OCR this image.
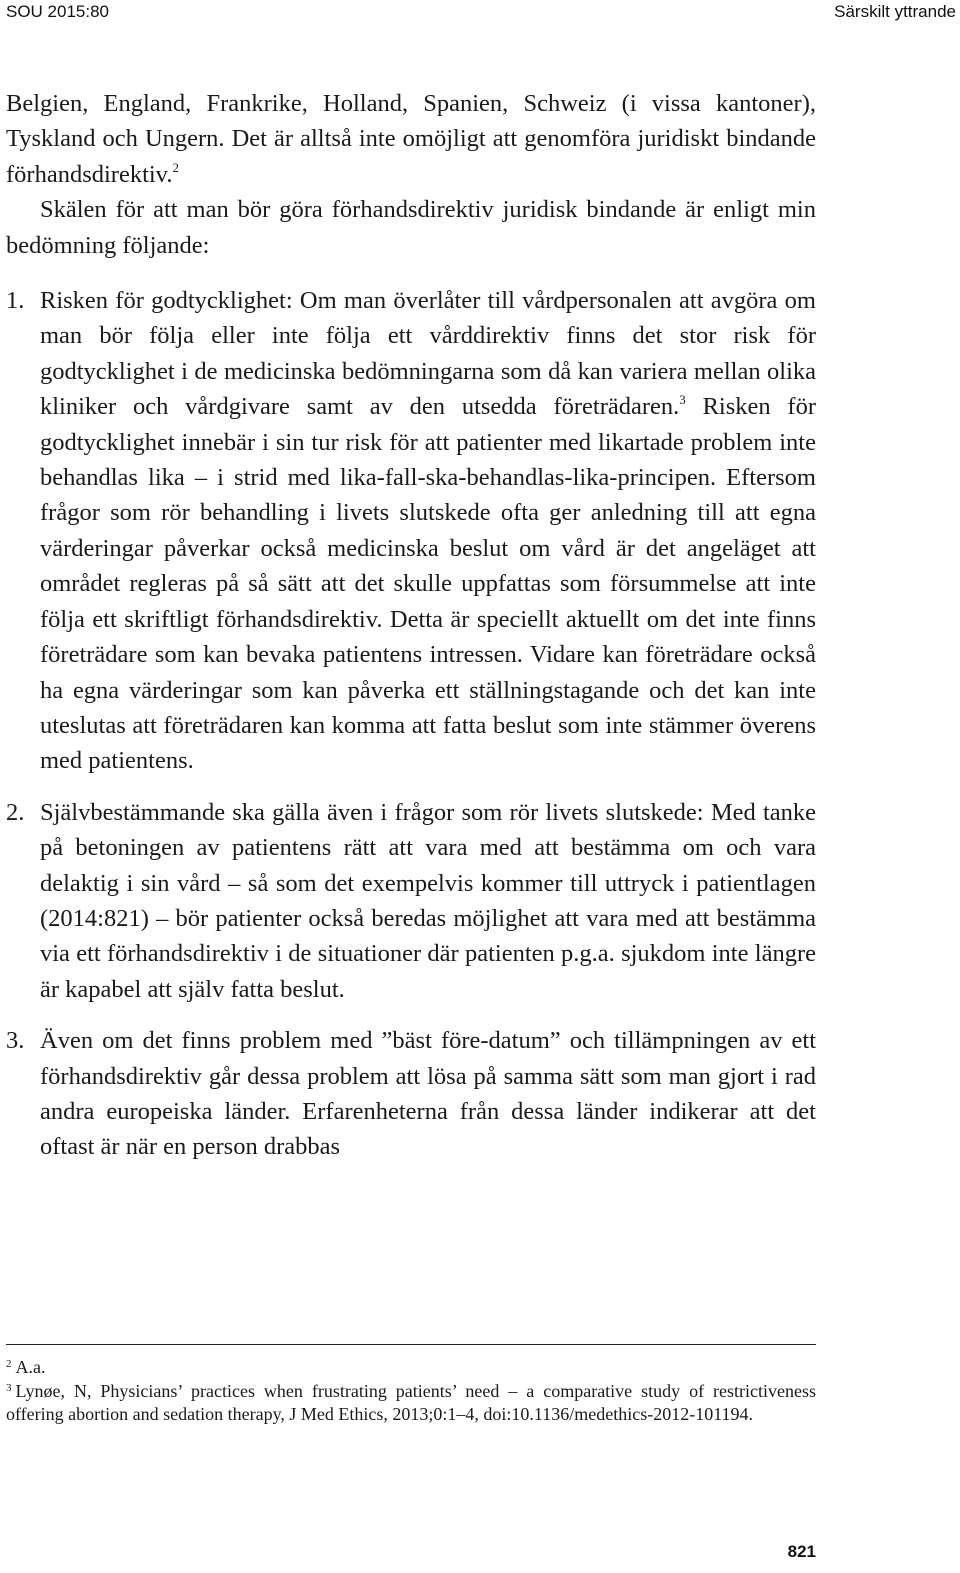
SOU 2015:80	Särskilt yttrande

Belgien, England, Frankrike, Holland, Spanien, Schweiz (i vissa kantoner), Tyskland och Ungern. Det är alltså inte omöjligt att genomföra juridiskt bindande förhandsdirektiv.$^2$

Skälen för att man bör göra förhandsdirektiv juridisk bindande är enligt min bedömning följande:

1. Risken för godtycklighet: Om man överlåter till vårdpersonalen att avgöra om man bör följa eller inte följa ett vårddirektiv finns det stor risk för godtycklighet i de medicinska bedömningarna som då kan variera mellan olika kliniker och vårdgivare samt av den utsedda företrädaren.$^3$ Risken för godtycklighet innebär i sin tur risk för att patienter med likartade problem inte behandlas lika – i strid med lika-fall-ska-behandlas-lika-principen. Eftersom frågor som rör behandling i livets slutskede ofta ger anledning till att egna värderingar påverkar också medicinska beslut om vård är det angeläget att området regleras på så sätt att det skulle uppfattas som försummelse att inte följa ett skriftligt förhandsdirektiv. Detta är speciellt aktuellt om det inte finns företrädare som kan bevaka patientens intressen. Vidare kan företrädare också ha egna värderingar som kan påverka ett ställningstagande och det kan inte uteslutas att företrädaren kan komma att fatta beslut som inte stämmer överens med patientens.
2. Självbestämmande ska gälla även i frågor som rör livets slutskede: Med tanke på betoningen av patientens rätt att vara med att bestämma om och vara delaktig i sin vård – så som det exempelvis kommer till uttryck i patientlagen (2014:821) – bör patienter också beredas möjlighet att vara med att bestämma via ett förhandsdirektiv i de situationer där patienten p.g.a. sjukdom inte längre är kapabel att själv fatta beslut.
3. Även om det finns problem med ”bäst före-datum” och tillämpningen av ett förhandsdirektiv går dessa problem att lösa på samma sätt som man gjort i rad andra europeiska länder. Erfarenheterna från dessa länder indikerar att det oftast är när en person drabbas

$^2$ A.a.

$^3$ Lynøe, N, Physicians’ practices when frustrating patients’ need – a comparative study of restrictiveness offering abortion and sedation therapy, J Med Ethics, 2013;0:1–4, doi:10.1136/medethics-2012-101194.

821
